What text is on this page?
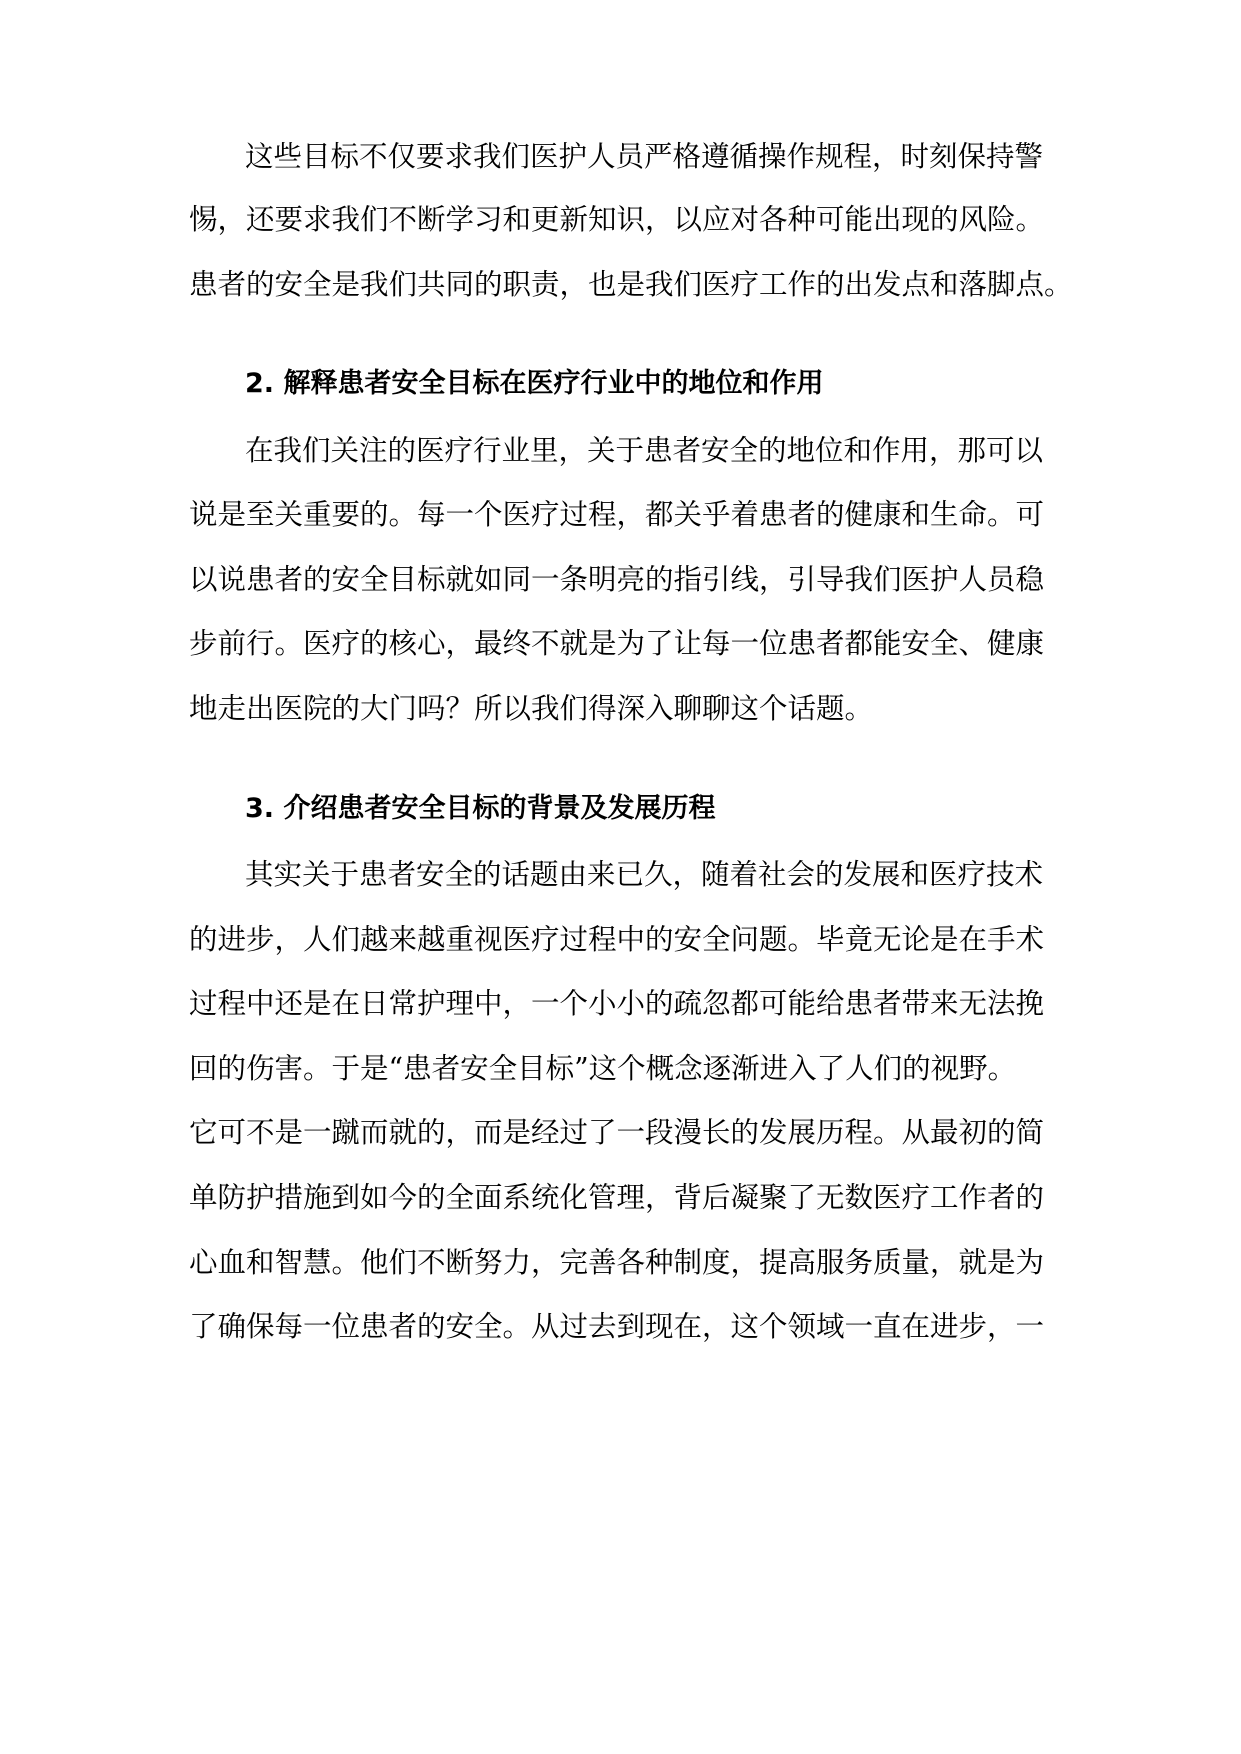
这些目标不仅要求我们医护人员严格遵循操作规程，时刻保持警
惕，还要求我们不断学习和更新知识，以应对各种可能出现的风险。
患者的安全是我们共同的职责，也是我们医疗工作的出发点和落脚点。
2. 解释患者安全目标在医疗行业中的地位和作用
在我们关注的医疗行业里，关于患者安全的地位和作用，那可以
说是至关重要的。每一个医疗过程，都关乎着患者的健康和生命。可
以说患者的安全目标就如同一条明亮的指引线，引导我们医护人员稳
步前行。医疗的核心，最终不就是为了让每一位患者都能安全、健康
地走出医院的大门吗？所以我们得深入聊聊这个话题。
3. 介绍患者安全目标的背景及发展历程
其实关于患者安全的话题由来已久，随着社会的发展和医疗技术
的进步，人们越来越重视医疗过程中的安全问题。毕竟无论是在手术
过程中还是在日常护理中，一个小小的疏忽都可能给患者带来无法挽
回的伤害。于是“患者安全目标”这个概念逐渐进入了人们的视野。
它可不是一蹴而就的，而是经过了一段漫长的发展历程。从最初的简
单防护措施到如今的全面系统化管理，背后凝聚了无数医疗工作者的
心血和智慧。他们不断努力，完善各种制度，提高服务质量，就是为
了确保每一位患者的安全。从过去到现在，这个领域一直在进步，一
